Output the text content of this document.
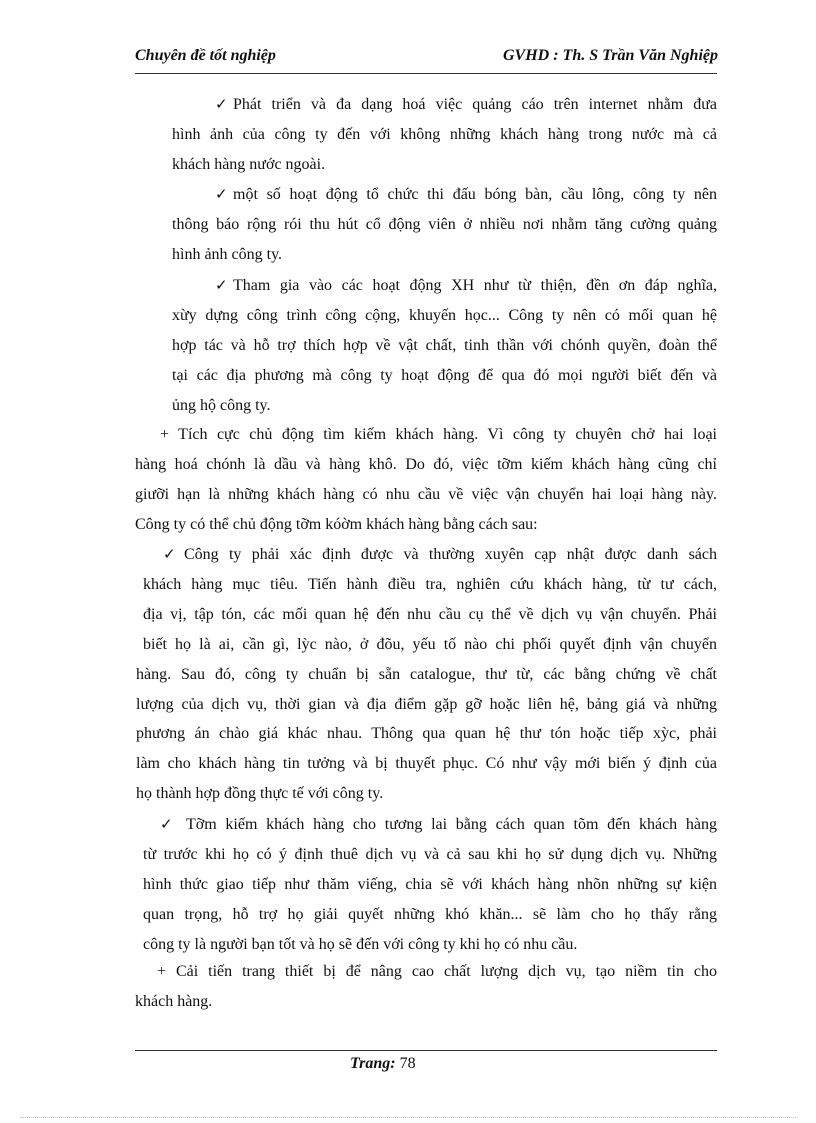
Chuyên đề tốt nghiệp	GVHD : Th. S Trần Văn Nghiệp
✓ Phát triển và đa dạng hoá việc quảng cáo trên internet nhằm đưa
hình ảnh của công ty đến với không những khách hàng trong nước mà cả
khách hàng nước ngoài.
✓ một số hoạt động tổ chức thi đấu bóng bàn, cầu lông, công ty nên
thông báo rộng rói thu hút cổ động viên ở nhiều nơi nhằm tăng cường quảng
hình ảnh công ty.
✓ Tham gia vào các hoạt động XH như từ thiện, đền ơn đáp nghĩa,
xừy dựng công trình công cộng, khuyến học... Công ty nên có mối quan hệ
hợp tác và hỗ trợ thích hợp về vật chất, tinh thần với chónh quyền, đoàn thể
tại các địa phương mà công ty hoạt động để qua đó mọi người biết đến và
ủng hộ công ty.
+ Tích cực chủ động tìm kiếm khách hàng. Vì công ty chuyên chở hai loại
hàng hoá chónh là dầu và hàng khô. Do đó, việc tỡm kiếm khách hàng cũng chỉ
giưỡi hạn là những khách hàng có nhu cầu về việc vận chuyển hai loại hàng này.
Công ty có thể chủ động tỡm kóờm khách hàng bằng cách sau:
✓ Công ty phải xác định được và thường xuyên cạp nhật được danh sách
khách hàng mục tiêu. Tiến hành điều tra, nghiên cứu khách hàng, từ tư cách,
địa vị, tập tón, các mối quan hệ đến nhu cầu cụ thể về dịch vụ vận chuyển. Phải
biết họ là ai, cần gì, lỳc nào, ở đõu, yếu tố nào chi phối quyết định vận chuyển
hàng. Sau đó, công ty chuẩn bị sẵn catalogue, thư từ, các bằng chứng về chất
lượng của dịch vụ, thời gian và địa điểm gặp gỡ hoặc liên hệ, bảng giá và những
phương án chào giá khác nhau. Thông qua quan hệ thư tón hoặc tiếp xỳc, phải
làm cho khách hàng tin tưởng và bị thuyết phục. Có như vậy mới biến ý định của
họ thành hợp đồng thực tế với công ty.
✓ Tỡm kiếm khách hàng cho tương lai bằng cách quan tõm đến khách hàng
từ trước khi họ có ý định thuê dịch vụ và cả sau khi họ sử dụng dịch vụ. Những
hình thức giao tiếp như thăm viếng, chia sẽ với khách hàng nhõn những sự kiện
quan trọng, hỗ trợ họ giải quyết những khó khăn... sẽ làm cho họ thấy rằng
công ty là người bạn tốt và họ sẽ đến với công ty khi họ có nhu cầu.
+ Cải tiến trang thiết bị để nâng cao chất lượng dịch vụ, tạo niềm tin cho
khách hàng.
Trang: 78
